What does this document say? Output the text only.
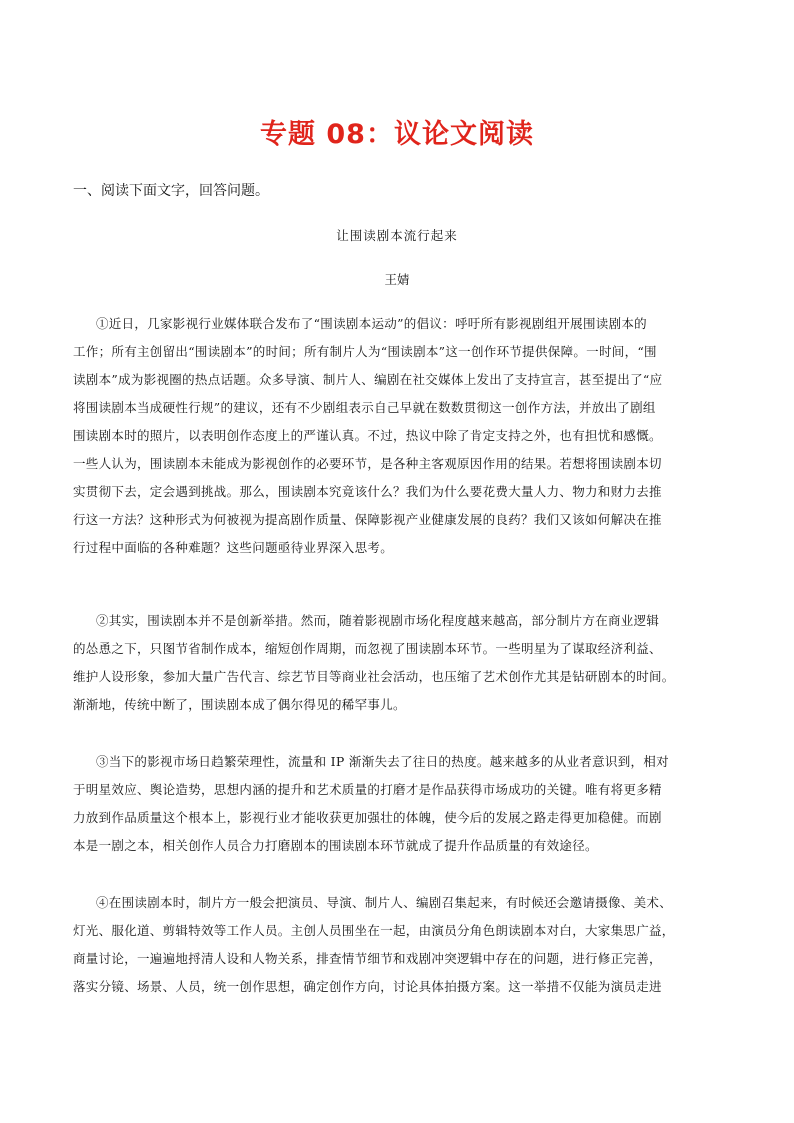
专题 08：议论文阅读
一、阅读下面文字，回答问题。
让围读剧本流行起来
王婧
①近日，几家影视行业媒体联合发布了“围读剧本运动”的倡议：呼吁所有影视剧组开展围读剧本的
工作；所有主创留出“围读剧本”的时间；所有制片人为“围读剧本”这一创作环节提供保障。一时间，“围
读剧本”成为影视圈的热点话题。众多导演、制片人、编剧在社交媒体上发出了支持宣言，甚至提出了“应
将围读剧本当成硬性行规”的建议，还有不少剧组表示自己早就在数数贯彻这一创作方法，并放出了剧组
围读剧本时的照片，以表明创作态度上的严谨认真。不过，热议中除了肯定支持之外，也有担忧和感慨。
一些人认为，围读剧本未能成为影视创作的必要环节，是各种主客观原因作用的结果。若想将围读剧本切
实贯彻下去，定会遇到挑战。那么，围读剧本究竟该什么？我们为什么要花费大量人力、物力和财力去推
行这一方法？这种形式为何被视为提高剧作质量、保障影视产业健康发展的良药？我们又该如何解决在推
行过程中面临的各种难题？这些问题亟待业界深入思考。
②其实，围读剧本并不是创新举措。然而，随着影视剧市场化程度越来越高，部分制片方在商业逻辑
的怂恿之下，只图节省制作成本，缩短创作周期，而忽视了围读剧本环节。一些明星为了谋取经济利益、
维护人设形象，参加大量广告代言、综艺节目等商业社会活动，也压缩了艺术创作尤其是钻研剧本的时间。
渐渐地，传统中断了，围读剧本成了偶尔得见的稀罕事儿。
③当下的影视市场日趋繁荣理性，流量和 IP 渐渐失去了往日的热度。越来越多的从业者意识到，相对
于明星效应、舆论造势，思想内涵的提升和艺术质量的打磨才是作品获得市场成功的关键。唯有将更多精
力放到作品质量这个根本上，影视行业才能收获更加强壮的体魄，使今后的发展之路走得更加稳健。而剧
本是一剧之本，相关创作人员合力打磨剧本的围读剧本环节就成了提升作品质量的有效途径。
④在围读剧本时，制片方一般会把演员、导演、制片人、编剧召集起来，有时候还会邀请摄像、美术、
灯光、服化道、剪辑特效等工作人员。主创人员围坐在一起，由演员分角色朗读剧本对白，大家集思广益，
商量讨论，一遍遍地捋清人设和人物关系，排查情节细节和戏剧冲突逻辑中存在的问题，进行修正完善，
落实分镜、场景、人员，统一创作思想，确定创作方向，讨论具体拍摄方案。这一举措不仅能为演员走进
